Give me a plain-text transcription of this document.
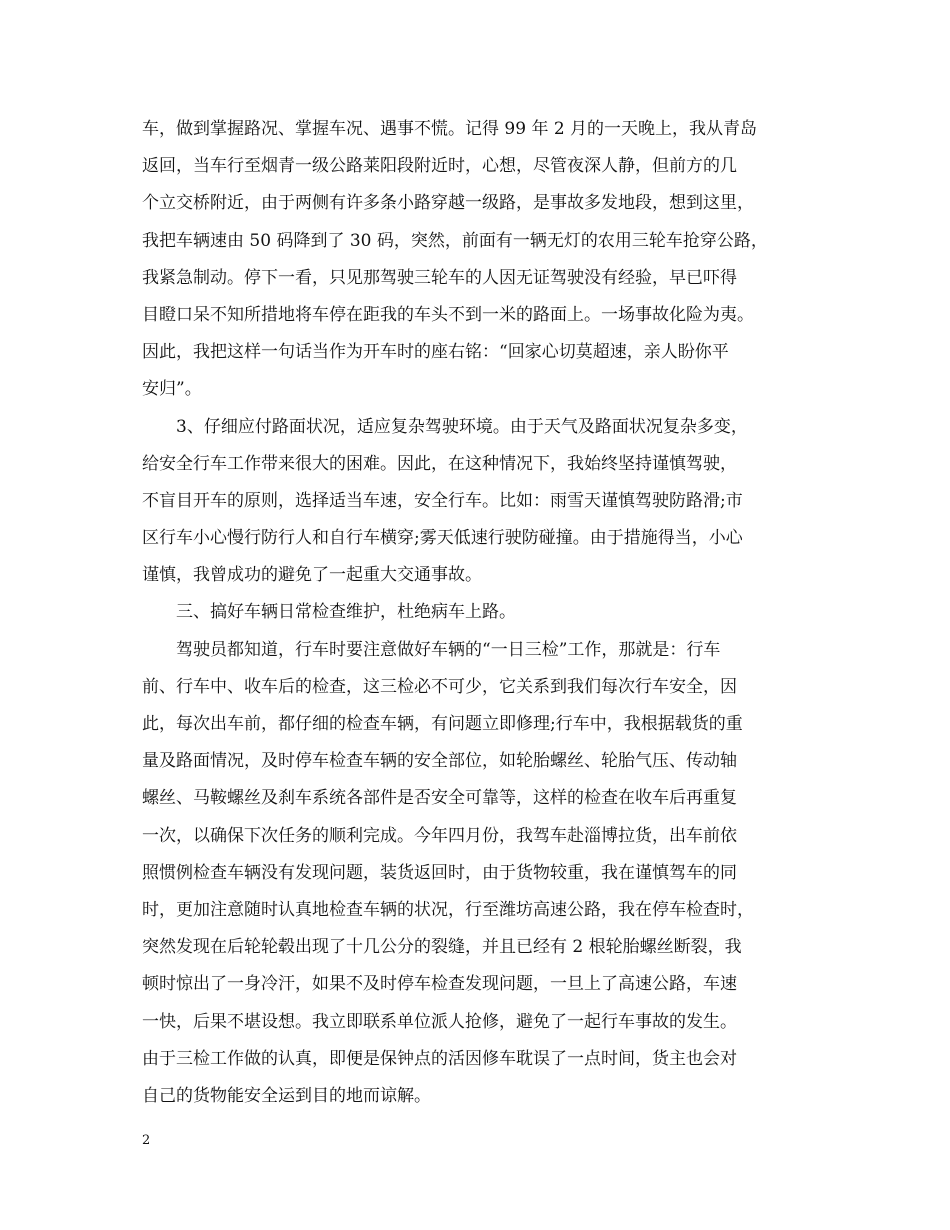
车，做到掌握路况、掌握车况、遇事不慌。记得 99 年 2 月的一天晚上，我从青岛
返回，当车行至烟青一级公路莱阳段附近时，心想，尽管夜深人静，但前方的几
个立交桥附近，由于两侧有许多条小路穿越一级路，是事故多发地段，想到这里，
我把车辆速由 50 码降到了 30 码，突然，前面有一辆无灯的农用三轮车抢穿公路，
我紧急制动。停下一看，只见那驾驶三轮车的人因无证驾驶没有经验，早已吓得
目瞪口呆不知所措地将车停在距我的车头不到一米的路面上。一场事故化险为夷。
因此，我把这样一句话当作为开车时的座右铭：“回家心切莫超速，亲人盼你平
安归”。
　　3、仔细应付路面状况，适应复杂驾驶环境。由于天气及路面状况复杂多变，
给安全行车工作带来很大的困难。因此，在这种情况下，我始终坚持谨慎驾驶，
不盲目开车的原则，选择适当车速，安全行车。比如：雨雪天谨慎驾驶防路滑;市
区行车小心慢行防行人和自行车横穿;雾天低速行驶防碰撞。由于措施得当，小心
谨慎，我曾成功的避免了一起重大交通事故。
　　三、搞好车辆日常检查维护，杜绝病车上路。
　　驾驶员都知道，行车时要注意做好车辆的“一日三检”工作，那就是：行车
前、行车中、收车后的检查，这三检必不可少，它关系到我们每次行车安全，因
此，每次出车前，都仔细的检查车辆，有问题立即修理;行车中，我根据载货的重
量及路面情况，及时停车检查车辆的安全部位，如轮胎螺丝、轮胎气压、传动轴
螺丝、马鞍螺丝及刹车系统各部件是否安全可靠等，这样的检查在收车后再重复
一次，以确保下次任务的顺利完成。今年四月份，我驾车赴淄博拉货，出车前依
照惯例检查车辆没有发现问题，装货返回时，由于货物较重，我在谨慎驾车的同
时，更加注意随时认真地检查车辆的状况，行至潍坊高速公路，我在停车检查时，
突然发现在后轮轮毂出现了十几公分的裂缝，并且已经有 2 根轮胎螺丝断裂，我
顿时惊出了一身冷汗，如果不及时停车检查发现问题，一旦上了高速公路，车速
一快，后果不堪设想。我立即联系单位派人抢修，避免了一起行车事故的发生。
由于三检工作做的认真，即便是保钟点的活因修车耽误了一点时间，货主也会对
自己的货物能安全运到目的地而谅解。
2
